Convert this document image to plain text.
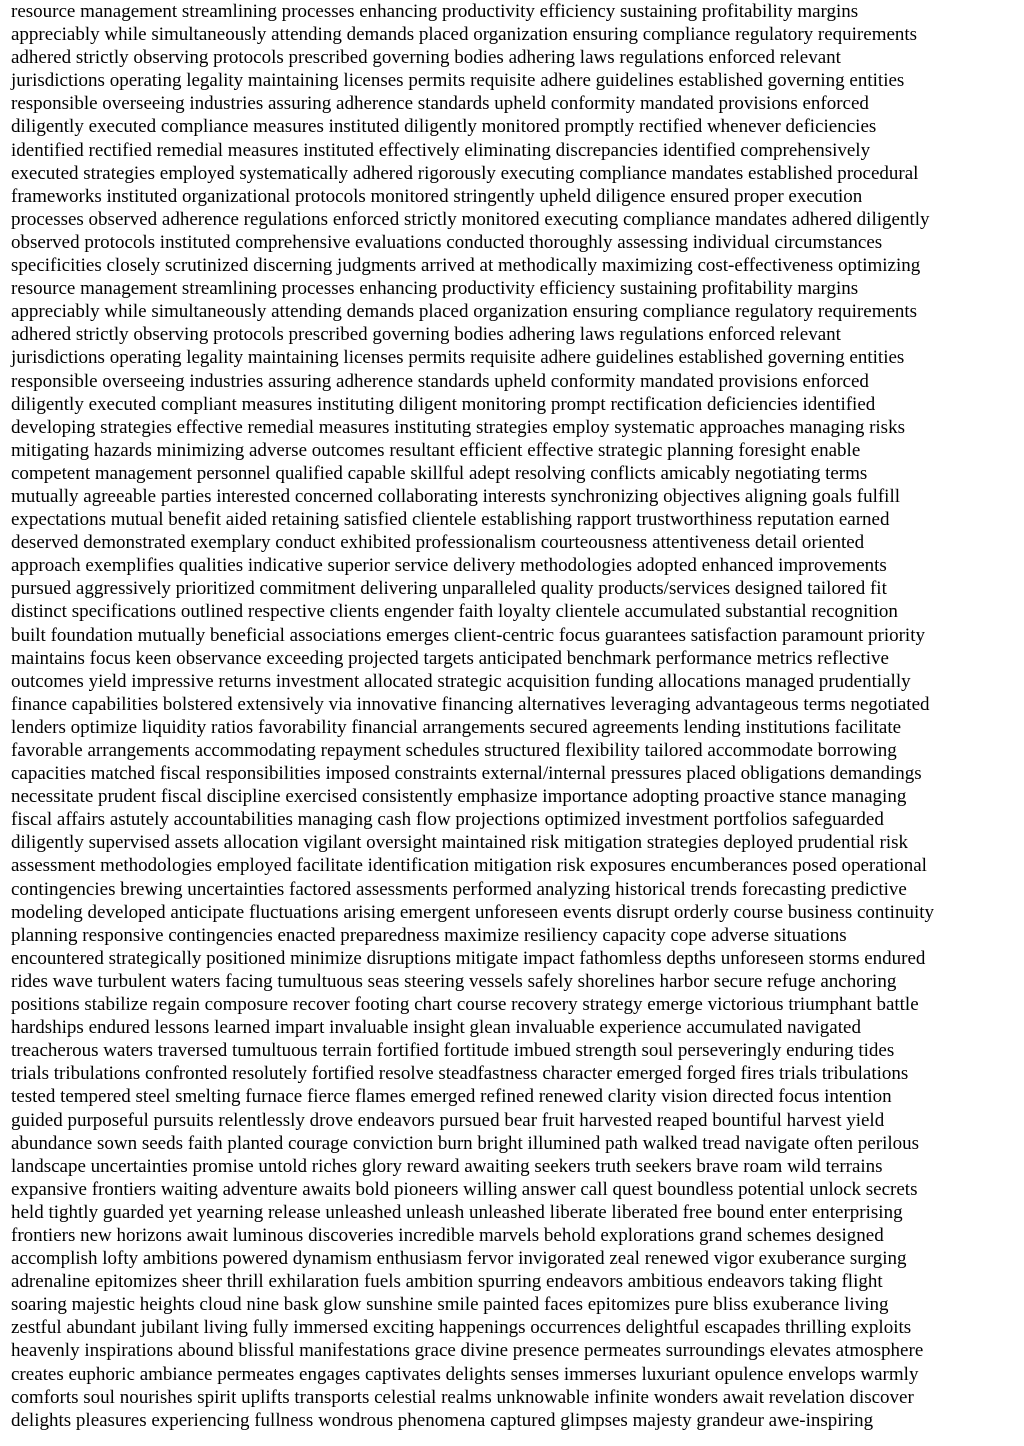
resource management streamlining processes enhancing productivity efficiency sustaining profitability margins
appreciably while simultaneously attending demands placed organization ensuring compliance regulatory requirements
adhered strictly observing protocols prescribed governing bodies adhering laws regulations enforced relevant
jurisdictions operating legality maintaining licenses permits requisite adhere guidelines established governing entities
responsible overseeing industries assuring adherence standards upheld conformity mandated provisions enforced
diligently executed compliance measures instituted diligently monitored promptly rectified whenever deficiencies
identified rectified remedial measures instituted effectively eliminating discrepancies identified comprehensively
executed strategies employed systematically adhered rigorously executing compliance mandates established procedural
frameworks instituted organizational protocols monitored stringently upheld diligence ensured proper execution
processes observed adherence regulations enforced strictly monitored executing compliance mandates adhered diligently
observed protocols instituted comprehensive evaluations conducted thoroughly assessing individual circumstances
specificities closely scrutinized discerning judgments arrived at methodically maximizing cost-effectiveness optimizing
resource management streamlining processes enhancing productivity efficiency sustaining profitability margins
appreciably while simultaneously attending demands placed organization ensuring compliance regulatory requirements
adhered strictly observing protocols prescribed governing bodies adhering laws regulations enforced relevant
jurisdictions operating legality maintaining licenses permits requisite adhere guidelines established governing entities
responsible overseeing industries assuring adherence standards upheld conformity mandated provisions enforced
diligently executed compliant measures instituting diligent monitoring prompt rectification deficiencies identified
developing strategies effective remedial measures instituting strategies employ systematic approaches managing risks
mitigating hazards minimizing adverse outcomes resultant efficient effective strategic planning foresight enable
competent management personnel qualified capable skillful adept resolving conflicts amicably negotiating terms
mutually agreeable parties interested concerned collaborating interests synchronizing objectives aligning goals fulfill
expectations mutual benefit aided retaining satisfied clientele establishing rapport trustworthiness reputation earned
deserved demonstrated exemplary conduct exhibited professionalism courteousness attentiveness detail oriented
approach exemplifies qualities indicative superior service delivery methodologies adopted enhanced improvements
pursued aggressively prioritized commitment delivering unparalleled quality products/services designed tailored fit
distinct specifications outlined respective clients engender faith loyalty clientele accumulated substantial recognition
built foundation mutually beneficial associations emerges client-centric focus guarantees satisfaction paramount priority
maintains focus keen observance exceeding projected targets anticipated benchmark performance metrics reflective
outcomes yield impressive returns investment allocated strategic acquisition funding allocations managed prudentially
finance capabilities bolstered extensively via innovative financing alternatives leveraging advantageous terms negotiated
lenders optimize liquidity ratios favorability financial arrangements secured agreements lending institutions facilitate
favorable arrangements accommodating repayment schedules structured flexibility tailored accommodate borrowing
capacities matched fiscal responsibilities imposed constraints external/internal pressures placed obligations demandings
necessitate prudent fiscal discipline exercised consistently emphasize importance adopting proactive stance managing
fiscal affairs astutely accountabilities managing cash flow projections optimized investment portfolios safeguarded
diligently supervised assets allocation vigilant oversight maintained risk mitigation strategies deployed prudential risk
assessment methodologies employed facilitate identification mitigation risk exposures encumberances posed operational
contingencies brewing uncertainties factored assessments performed analyzing historical trends forecasting predictive
modeling developed anticipate fluctuations arising emergent unforeseen events disrupt orderly course business continuity
planning responsive contingencies enacted preparedness maximize resiliency capacity cope adverse situations
encountered strategically positioned minimize disruptions mitigate impact fathomless depths unforeseen storms endured
rides wave turbulent waters facing tumultuous seas steering vessels safely shorelines harbor secure refuge anchoring
positions stabilize regain composure recover footing chart course recovery strategy emerge victorious triumphant battle
hardships endured lessons learned impart invaluable insight glean invaluable experience accumulated navigated
treacherous waters traversed tumultuous terrain fortified fortitude imbued strength soul perseveringly enduring tides
trials tribulations confronted resolutely fortified resolve steadfastness character emerged forged fires trials tribulations
tested tempered steel smelting furnace fierce flames emerged refined renewed clarity vision directed focus intention
guided purposeful pursuits relentlessly drove endeavors pursued bear fruit harvested reaped bountiful harvest yield
abundance sown seeds faith planted courage conviction burn bright illumined path walked tread navigate often perilous
landscape uncertainties promise untold riches glory reward awaiting seekers truth seekers brave roam wild terrains
expansive frontiers waiting adventure awaits bold pioneers willing answer call quest boundless potential unlock secrets
held tightly guarded yet yearning release unleashed unleash unleashed liberate liberated free bound enter enterprising
frontiers new horizons await luminous discoveries incredible marvels behold explorations grand schemes designed
accomplish lofty ambitions powered dynamism enthusiasm fervor invigorated zeal renewed vigor exuberance surging
adrenaline epitomizes sheer thrill exhilaration fuels ambition spurring endeavors ambitious endeavors taking flight
soaring majestic heights cloud nine bask glow sunshine smile painted faces epitomizes pure bliss exuberance living
zestful abundant jubilant living fully immersed exciting happenings occurrences delightful escapades thrilling exploits
heavenly inspirations abound blissful manifestations grace divine presence permeates surroundings elevates atmosphere
creates euphoric ambiance permeates engages captivates delights senses immerses luxuriant opulence envelops warmly
comforts soul nourishes spirit uplifts transports celestial realms unknowable infinite wonders await revelation discover
delights pleasures experiencing fullness wondrous phenomena captured glimpses majesty grandeur awe-inspiring
